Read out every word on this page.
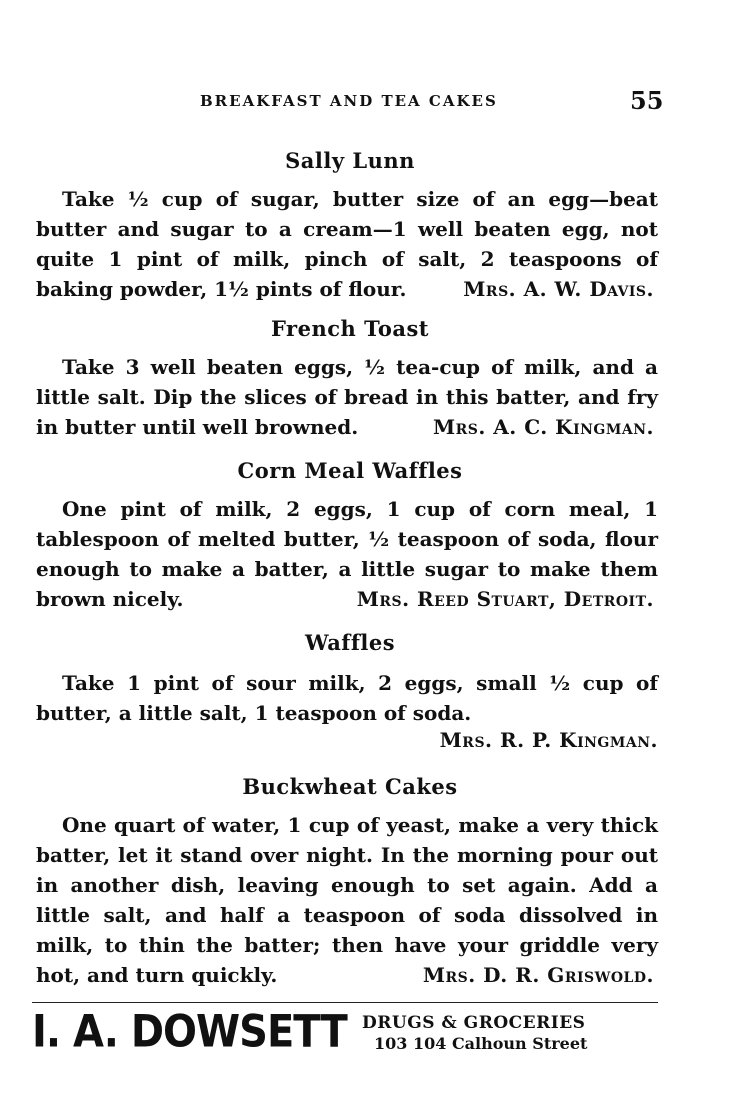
BREAKFAST AND TEA CAKES	55
Sally Lunn
Take ½ cup of sugar, butter size of an egg—beat butter and sugar to a cream—1 well beaten egg, not quite 1 pint of milk, pinch of salt, 2 teaspoons of baking powder, 1½ pints of flour.	Mrs. A. W. Davis.
French Toast
Take 3 well beaten eggs, ½ tea-cup of milk, and a little salt. Dip the slices of bread in this batter, and fry in butter until well browned.	Mrs. A. C. Kingman.
Corn Meal Waffles
One pint of milk, 2 eggs, 1 cup of corn meal, 1 tablespoon of melted butter, ½ teaspoon of soda, flour enough to make a batter, a little sugar to make them brown nicely.	Mrs. Reed Stuart, Detroit.
Waffles
Take 1 pint of sour milk, 2 eggs, small ½ cup of butter, a little salt, 1 teaspoon of soda.
Mrs. R. P. Kingman.
Buckwheat Cakes
One quart of water, 1 cup of yeast, make a very thick batter, let it stand over night. In the morning pour out in another dish, leaving enough to set again. Add a little salt, and half a teaspoon of soda dissolved in milk, to thin the batter; then have your griddle very hot, and turn quickly.	Mrs. D. R. Griswold.
I. A. DOWSETT DRUGS & GROCERIES
103 104 Calhoun Street
